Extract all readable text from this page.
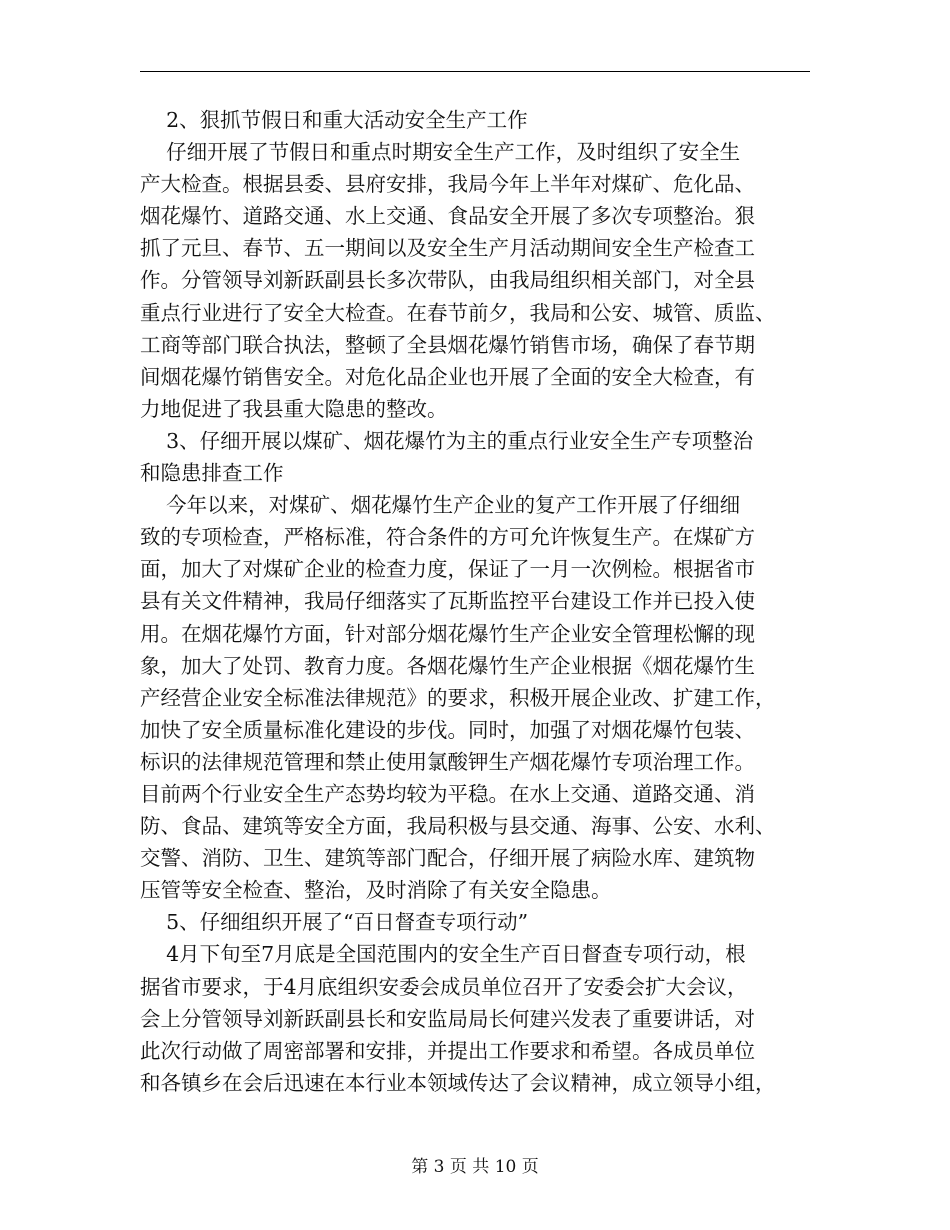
2、狠抓节假日和重大活动安全生产工作
仔细开展了节假日和重点时期安全生产工作，及时组织了安全生
产大检查。根据县委、县府安排，我局今年上半年对煤矿、危化品、
烟花爆竹、道路交通、水上交通、食品安全开展了多次专项整治。狠
抓了元旦、春节、五一期间以及安全生产月活动期间安全生产检查工
作。分管领导刘新跃副县长多次带队，由我局组织相关部门，对全县
重点行业进行了安全大检查。在春节前夕，我局和公安、城管、质监、
工商等部门联合执法，整顿了全县烟花爆竹销售市场，确保了春节期
间烟花爆竹销售安全。对危化品企业也开展了全面的安全大检查，有
力地促进了我县重大隐患的整改。
3、仔细开展以煤矿、烟花爆竹为主的重点行业安全生产专项整治
和隐患排查工作
今年以来，对煤矿、烟花爆竹生产企业的复产工作开展了仔细细
致的专项检查，严格标准，符合条件的方可允许恢复生产。在煤矿方
面，加大了对煤矿企业的检查力度，保证了一月一次例检。根据省市
县有关文件精神，我局仔细落实了瓦斯监控平台建设工作并已投入使
用。在烟花爆竹方面，针对部分烟花爆竹生产企业安全管理松懈的现
象，加大了处罚、教育力度。各烟花爆竹生产企业根据《烟花爆竹生
产经营企业安全标准法律规范》的要求，积极开展企业改、扩建工作，
加快了安全质量标准化建设的步伐。同时，加强了对烟花爆竹包装、
标识的法律规范管理和禁止使用氯酸钾生产烟花爆竹专项治理工作。
目前两个行业安全生产态势均较为平稳。在水上交通、道路交通、消
防、食品、建筑等安全方面，我局积极与县交通、海事、公安、水利、
交警、消防、卫生、建筑等部门配合，仔细开展了病险水库、建筑物
压管等安全检查、整治，及时消除了有关安全隐患。
5、仔细组织开展了“百日督查专项行动”
4月下旬至7月底是全国范围内的安全生产百日督查专项行动，根
据省市要求，于4月底组织安委会成员单位召开了安委会扩大会议，
会上分管领导刘新跃副县长和安监局局长何建兴发表了重要讲话，对
此次行动做了周密部署和安排，并提出工作要求和希望。各成员单位
和各镇乡在会后迅速在本行业本领域传达了会议精神，成立领导小组，
第 3 页 共 10 页
